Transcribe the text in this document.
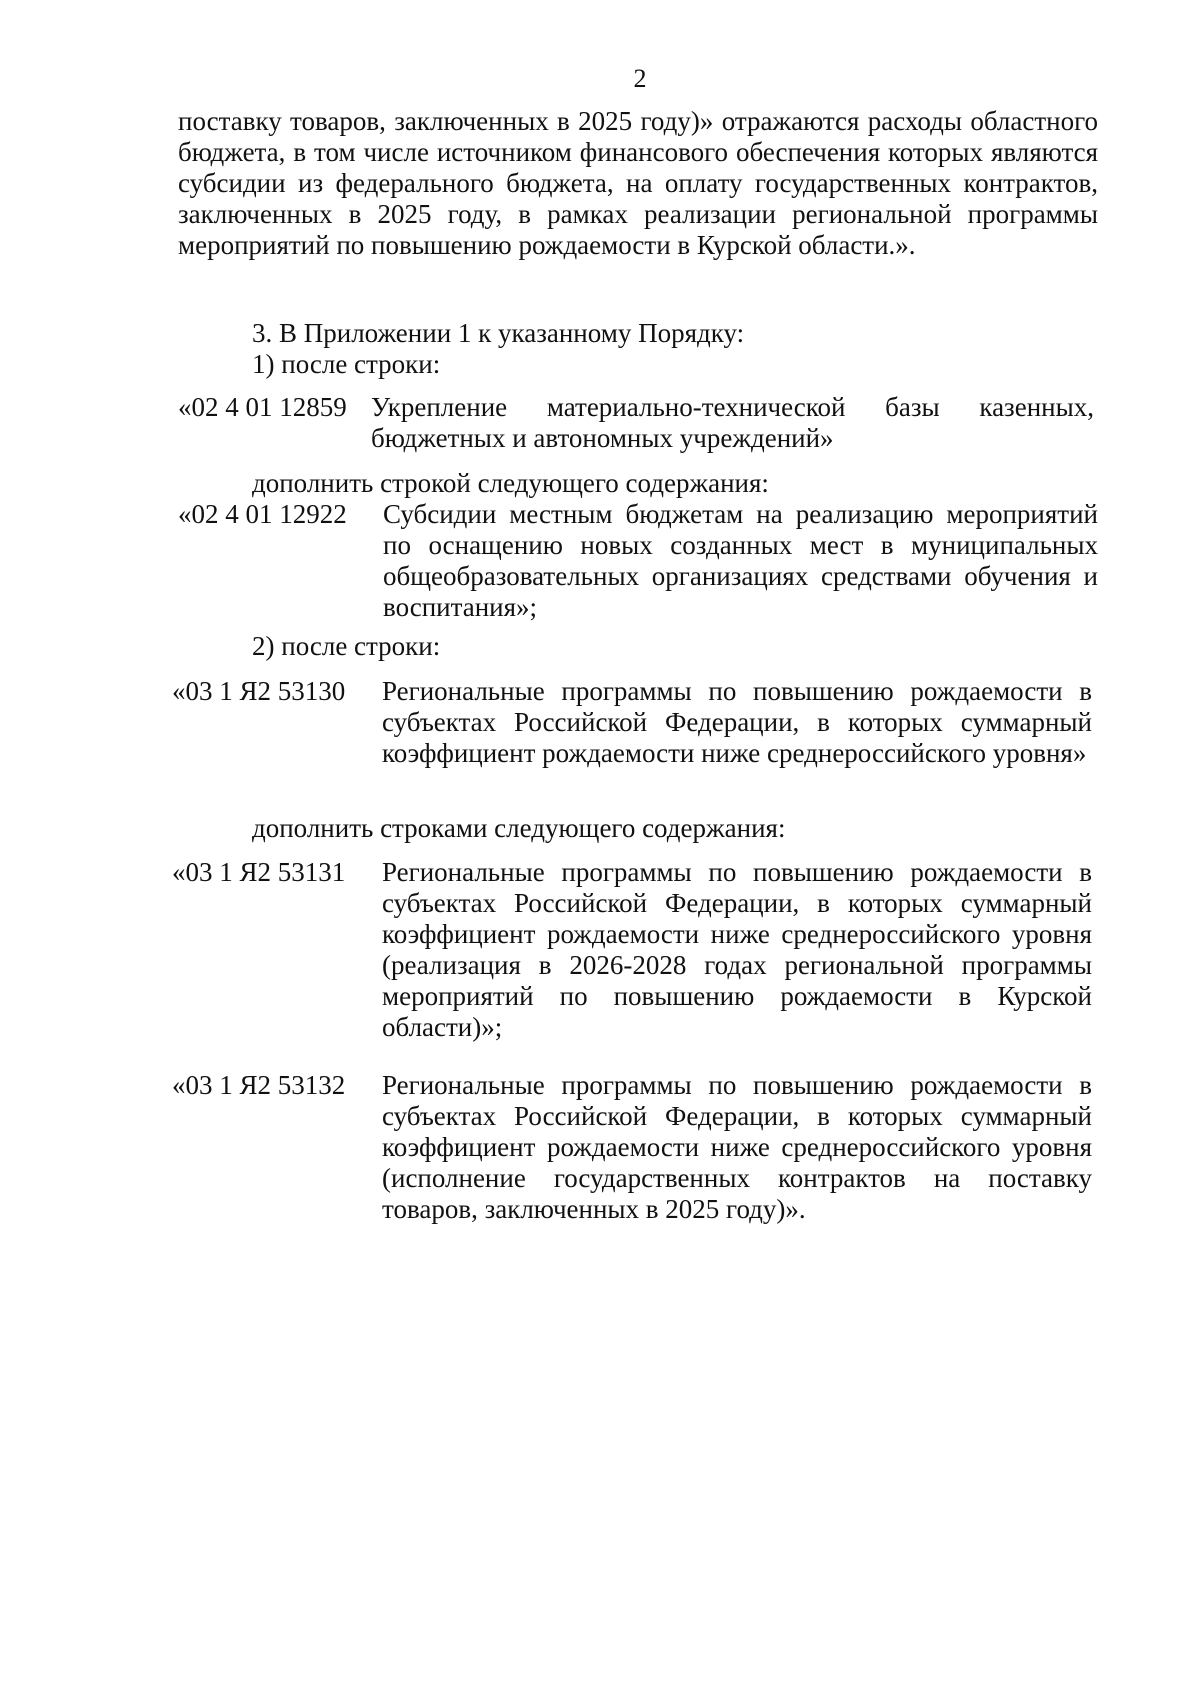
2
поставку товаров, заключенных в 2025 году)» отражаются расходы областного бюджета, в том числе источником финансового обеспечения которых являются субсидии из федерального бюджета, на оплату государственных контрактов, заключенных в 2025 году, в рамках реализации региональной программы мероприятий по повышению рождаемости в Курской области.».
3. В Приложении 1 к указанному Порядку:
1) после строки:
«02 4 01 12859 Укрепление материально-технической базы казенных, бюджетных и автономных учреждений»
дополнить строкой следующего содержания:
«02 4 01 12922 Субсидии местным бюджетам на реализацию мероприятий по оснащению новых созданных мест в муниципальных общеобразовательных организациях средствами обучения и воспитания»;
2) после строки:
«03 1 Я2 53130 Региональные программы по повышению рождаемости в субъектах Российской Федерации, в которых суммарный коэффициент рождаемости ниже среднероссийского уровня»
дополнить строками следующего содержания:
«03 1 Я2 53131 Региональные программы по повышению рождаемости в субъектах Российской Федерации, в которых суммарный коэффициент рождаемости ниже среднероссийского уровня (реализация в 2026-2028 годах региональной программы мероприятий по повышению рождаемости в Курской области)»;
«03 1 Я2 53132 Региональные программы по повышению рождаемости в субъектах Российской Федерации, в которых суммарный коэффициент рождаемости ниже среднероссийского уровня (исполнение государственных контрактов на поставку товаров, заключенных в 2025 году)».
